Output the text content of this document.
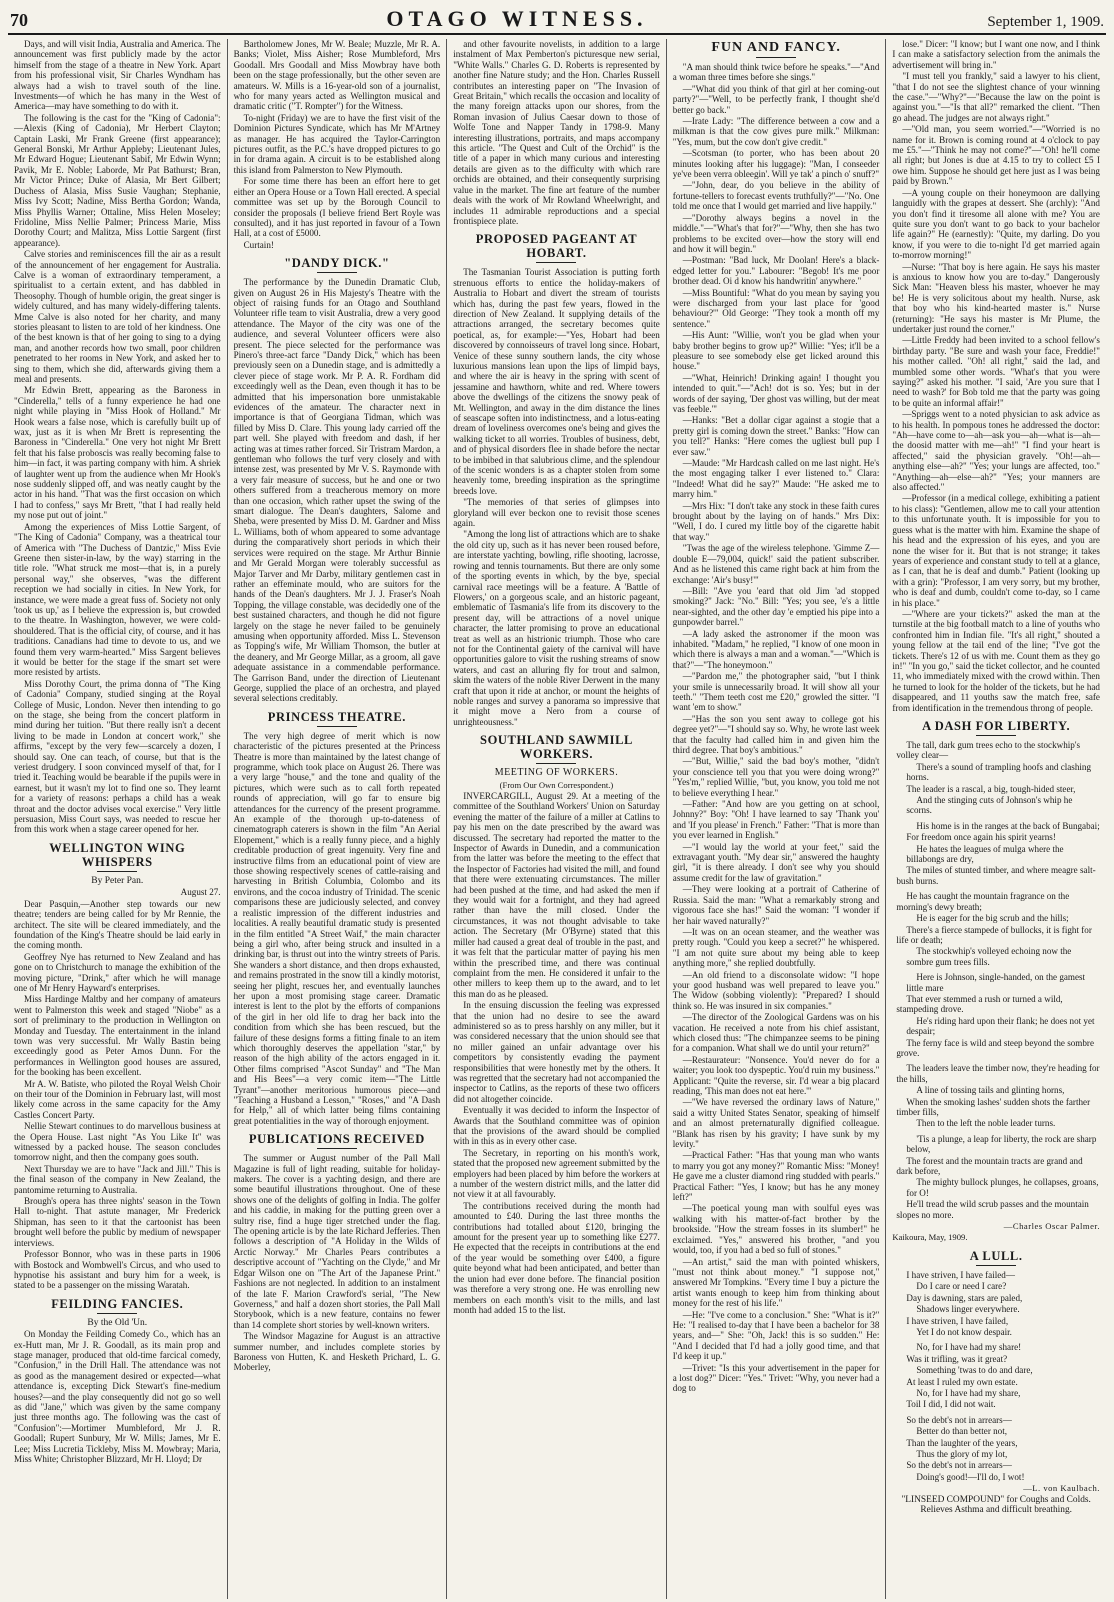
70	OTAGO WITNESS.	September 1, 1909.

Days, and will visit India, Australia and America. The announcement was first publicly made by the actor himself from the stage of a theatre in New York. Apart from his professional visit, Sir Charles Wyndham has always had a wish to travel south of the line. Investments—of which he has many in the West of America—may have something to do with it.

The following is the cast for the "King of Cadonia":—Alexis (King of Cadonia), Mr Herbert Clayton; Captain Laski, Mr Frank Greene (first appearance); General Bonski, Mr Arthur Appleby; Lieutenant Jules, Mr Edward Hogue; Lieutenant Sabif, Mr Edwin Wynn; Pavik, Mr E. Noble; Laborde, Mr Pat Bathurst; Bran, Mr Victor Prince; Duke of Alasia, Mr Bert Gilbert; Duchess of Alasia, Miss Susie Vaughan; Stephanie, Miss Ivy Scott; Nadine, Miss Bertha Gordon; Wanda, Miss Phyllis Warner; Ottaline, Miss Helen Moseley; Fridoline, Miss Nellie Palmer; Princess Marie, Miss Dorothy Court; and Malitza, Miss Lottie Sargent (first appearance).

Calve stories and reminiscences fill the air as a result of the announcement of her engagement for Australia. Calve is a woman of extraordinary temperament, a spiritualist to a certain extent, and has dabbled in Theosophy. Though of humble origin, the great singer is widely cultured, and has many widely-differing talents. Mme Calve is also noted for her charity, and many stories pleasant to listen to are told of her kindness. One of the best known is that of her going to sing to a dying man, and another records how two small, poor children penetrated to her rooms in New York, and asked her to sing to them, which she did, afterwards giving them a meal and presents.

Mr Edwin Brett, appearing as the Baroness in "Cinderella," tells of a funny experience he had one night while playing in "Miss Hook of Holland." Mr Hook wears a false nose, which is carefully built up of wax, just as it is when Mr Brett is representing the Baroness in "Cinderella." One very hot night Mr Brett felt that his false proboscis was really becoming false to him—in fact, it was parting company with him. A shriek of laughter went up from the audience when Mr Hook's nose suddenly slipped off, and was neatly caught by the actor in his hand. "That was the first occasion on which I had to confess," says Mr Brett, "that I had really held my nose put out of joint."

Among the experiences of Miss Lottie Sargent, of "The King of Cadonia" Company, was a theatrical tour of America with "The Duchess of Dantzic," Miss Evie Greene then sister-in-law, by the way) starring in the title role. "What struck me most—that is, in a purely personal way," she observes, "was the different reception we had socially in cities. In New York, for instance, we were made a great fuss of. Society not only 'took us up,' as I believe the expression is, but crowded to the theatre. In Washington, however, we were cold-shouldered. That is the official city, of course, and it has traditions. Canadians had time to devote to us, and we found them very warm-hearted." Miss Sargent believes it would be better for the stage if the smart set were more resisted by artists.

Miss Dorothy Court, the prima donna of "The King of Cadonia" Company, studied singing at the Royal College of Music, London. Never then intending to go on the stage, she being from the concert platform in mind during her tuition. "But there really isn't a decent living to be made in London at concert work," she affirms, "except by the very few—scarcely a dozen, I should say. One can teach, of course, but that is the veriest drudgery. I soon convinced myself of that, for I tried it. Teaching would be bearable if the pupils were in earnest, but it wasn't my lot to find one so. They learnt for a variety of reasons: perhaps a child has a weak throat and the doctor advises vocal exercise." Very little persuasion, Miss Court says, was needed to rescue her from this work when a stage career opened for her.

WELLINGTON WING WHISPERS

By Peter Pan.

August 27.

Dear Pasquin,—Another step towards our new theatre; tenders are being called for by Mr Rennie, the architect. The site will be cleared immediately, and the foundation of the King's Theatre should be laid early in the coming month.

Geoffrey Nye has returned to New Zealand and has gone on to Christchurch to manage the exhibition of the moving picture, "Drink," after which he will manage one of Mr Henry Hayward's enterprises.

Miss Hardinge Maltby and her company of amateurs went to Palmerston this week and staged "Niobe" as a sort of preliminary to the production in Wellington on Monday and Tuesday. The entertainment in the inland town was very successful. Mr Wally Bastin being exceedingly good as Peter Amos Dunn. For the performances in Wellington good houses are assured, for the booking has been excellent.

Mr A. W. Batiste, who piloted the Royal Welsh Choir on their tour of the Dominion in February last, will most likely come across in the same capacity for the Amy Castles Concert Party.

Nellie Stewart continues to do marvellous business at the Opera House. Last night "As You Like It" was witnessed by a packed house. The season concludes tomorrow night, and then the company goes south.

Next Thursday we are to have "Jack and Jill." This is the final season of the company in New Zealand, the pantomime returning to Australia.

Brough's opera has three nights' season in the Town Hall to-night. That astute manager, Mr Frederick Shipman, has seen to it that the cartoonist has been brought well before the public by medium of newspaper interviews.

Professor Bonnor, who was in these parts in 1906 with Bostock and Wombwell's Circus, and who used to hypnotise his assistant and bury him for a week, is stated to be a passenger on the missing Waratah.

FEILDING FANCIES.

By the Old 'Un.

On Monday the Feilding Comedy Co., which has an ex-Hutt man, Mr J. R. Goodall, as its main prop and stage manager, produced that old-time farcical comedy, "Confusion," in the Drill Hall. The attendance was not as good as the management desired or expected—what attendance is, excepting Dick Stewart's fine-medium houses?—and the play consequently did not go so well as did "Jane," which was given by the same company just three months ago. The following was the cast of "Confusion":—Mortimer Mumbleford, Mr J. R. Goodall; Rupert Sunbury, Mr W. Mills; James, Mr E. Lee; Miss Lucretia Tickleby, Miss M. Mowbray; Maria, Miss White; Christopher Blizzard, Mr H. Lloyd; Dr

Bartholomew Jones, Mr W. Beale; Muzzle, Mr R. A. Banks; Violet, Miss Aisher; Rose Mumbleford, Mrs Goodall. Mrs Goodall and Miss Mowbray have both been on the stage professionally, but the other seven are amateurs. W. Mills is a 16-year-old son of a journalist, who for many years acted as Wellington musical and dramatic critic ("T. Rompter") for the Witness.

To-night (Friday) we are to have the first visit of the Dominion Pictures Syndicate, which has Mr M'Artney as manager. He has acquired the Taylor-Carrington pictures outfit, as the P.C.'s have dropped pictures to go in for drama again. A circuit is to be established along this island from Palmerston to New Plymouth.

For some time there has been an effort here to get either an Opera House or a Town Hall erected. A special committee was set up by the Borough Council to consider the proposals (I believe friend Bert Royle was consulted), and it has just reported in favour of a Town Hall, at a cost of £5000.

Curtain!

"DANDY DICK."

The performance by the Dunedin Dramatic Club, given on August 26 in His Majesty's Theatre with the object of raising funds for an Otago and Southland Volunteer rifle team to visit Australia, drew a very good attendance. The Mayor of the city was one of the audience, and several Volunteer officers were also present. The piece selected for the performance was Pinero's three-act farce "Dandy Dick," which has been previously seen on a Dunedin stage, and is admittedly a clever piece of stage work. Mr P. A. R. Fordham did exceedingly well as the Dean, even though it has to be admitted that his impersonation bore unmistakable evidences of the amateur. The character next in importance is that of Georgiana Tidman, which was filled by Miss D. Clare. This young lady carried off the part well. She played with freedom and dash, if her acting was at times rather forced. Sir Tristram Mardon, a gentleman who follows the turf very closely and with intense zest, was presented by Mr V. S. Raymonde with a very fair measure of success, but he and one or two others suffered from a treacherous memory on more than one occasion, which rather upset the swing of the smart dialogue. The Dean's daughters, Salome and Sheba, were presented by Miss D. M. Gardner and Miss L. Williams, both of whom appeared to some advantage during the comparatively short periods in which their services were required on the stage. Mr Arthur Binnie and Mr Gerald Morgan were tolerably successful as Major Tarver and Mr Darby, military gentlemen cast in rather an effeminate mould, who are suitors for the hands of the Dean's daughters. Mr J. J. Fraser's Noah Topping, the village constable, was decidedly one of the best sustained characters, and though he did not figure largely on the stage he never failed to be genuinely amusing when opportunity afforded. Miss L. Stevenson as Topping's wife, Mr William Thomson, the butler at the deanery, and Mr George Millar, as a groom, all gave adequate assistance in a commendable performance. The Garrison Band, under the direction of Lieutenant George, supplied the place of an orchestra, and played several selections creditably.

PRINCESS THEATRE.

The very high degree of merit which is now characteristic of the pictures presented at the Princess Theatre is more than maintained by the latest change of programme, which took place on August 26. There was a very large "house," and the tone and quality of the pictures, which were such as to call forth repeated rounds of appreciation, will go far to ensure big attendances for the currency of the present programme. An example of the thorough up-to-dateness of cinematograph caterers is shown in the film "An Aerial Elopement," which is a really funny piece, and a highly creditable production of great ingenuity. Very fine and instructive films from an educational point of view are those showing respectively scenes of cattle-raising and harvesting in British Columbia, Colombo and its environs, and the cocoa industry of Trinidad. The scenic comparisons these are judiciously selected, and convey a realistic impression of the different industries and localities. A really beautiful dramatic study is presented in the film entitled "A Street Waif," the main character being a girl who, after being struck and insulted in a drinking bar, is thrust out into the wintry streets of Paris. She wanders a short distance, and then drops exhausted, and remains prostrated in the snow till a kindly motorist, seeing her plight, rescues her, and eventually launches her upon a most promising stage career. Dramatic interest is lent to the plot by the efforts of companions of the girl in her old life to drag her back into the condition from which she has been rescued, but the failure of these designs forms a fitting finale to an item which thoroughly deserves the appellation "star," by reason of the high ability of the actors engaged in it. Other films comprised "Ascot Sunday" and "The Man and His Bees"—a very comic item—"The Little Tyrant"—another meritorious humorous piece—and "Teaching a Husband a Lesson," "Roses," and "A Dash for Help," all of which latter being films containing great potentialities in the way of thorough enjoyment.

PUBLICATIONS RECEIVED

The summer or August number of the Pall Mall Magazine is full of light reading, suitable for holiday-makers. The cover is a yachting design, and there are some beautiful illustrations throughout. One of these shows one of the delights of golfing in India. The golfer and his caddie, in making for the putting green over a sultry rise, find a huge tiger stretched under the flag. The opening article is by the late Richard Jefferies. Then follows a description of "A Holiday in the Wilds of Arctic Norway." Mr Charles Pears contributes a descriptive account of "Yachting on the Clyde," and Mr Edgar Wilson one on "The Art of the Japanese Print." Fashions are not neglected. In addition to an instalment of the late F. Marion Crawford's serial, "The New Governess," and half a dozen short stories, the Pall Mall Storybook, which is a new feature, contains no fewer than 14 complete short stories by well-known writers.

The Windsor Magazine for August is an attractive summer number, and includes complete stories by Baroness von Hutten, K. and Hesketh Prichard, L. G. Moberley,

and other favourite novelists, in addition to a large instalment of Max Pemberton's picturesque new serial, "White Walls." Charles G. D. Roberts is represented by another fine Nature study; and the Hon. Charles Russell contributes an interesting paper on "The Invasion of Great Britain," which recalls the occasion and locality of the many foreign attacks upon our shores, from the Roman invasion of Julius Caesar down to those of Wolfe Tone and Napper Tandy in 1798-9. Many interesting illustrations, portraits, and maps accompany this article. "The Quest and Cult of the Orchid" is the title of a paper in which many curious and interesting details are given as to the difficulty with which rare orchids are obtained, and their consequently surprising value in the market. The fine art feature of the number deals with the work of Mr Rowland Wheelwright, and includes 11 admirable reproductions and a special frontispiece plate.

PROPOSED PAGEANT AT HOBART.

The Tasmanian Tourist Association is putting forth strenuous efforts to entice the holiday-makers of Australia to Hobart and divert the stream of tourists which has, during the past few years, flowed in the direction of New Zealand. It supplying details of the attractions arranged, the secretary becomes quite poetical, as, for example:—"Yes, Hobart had been discovered by connoisseurs of travel long since. Hobart, Venice of these sunny southern lands, the city whose luxurious mansions lean upon the lips of limpid bays, and where the air is heavy in the spring with scent of jessamine and hawthorn, white and red. Where towers above the dwellings of the citizens the snowy peak of Mt. Wellington, and away in the dim distance the lines of seascape soften into indistinctness, and a lotus-eating dream of loveliness overcomes one's being and gives the walking ticket to all worries. Troubles of business, debt, and of physical disorders flee in shade before the nectar to be imbibed in that salubrious clime, and the splendour of the scenic wonders is as a chapter stolen from some heavenly tome, breeding inspiration as the springtime breeds love.

"The memories of that series of glimpses into gloryland will ever beckon one to revisit those scenes again.

"Among the long list of attractions which are to shake the old city up, such as it has never been roused before, are interstate yachting, bowling, rifle shooting, lacrosse, rowing and tennis tournaments. But there are only some of the sporting events in which, by the bye, special carnival race meetings will be a feature. A 'Battle of Flowers,' on a gorgeous scale, and an historic pageant, emblematic of Tasmania's life from its discovery to the present day, will be attractions of a novel unique character, the latter promising to prove an educational treat as well as an histrionic triumph. Those who care not for the Continental gaiety of the carnival will have opportunities galore to visit the rushing streams of snow waters, and cast an alluring fly for trout and salmon, skim the waters of the noble River Derwent in the many craft that upon it ride at anchor, or mount the heights of noble ranges and survey a panorama so impressive that it might move a Nero from a course of unrighteousness."

SOUTHLAND SAWMILL WORKERS.

MEETING OF WORKERS.

(From Our Own Correspondent.)

INVERCARGILL, August 29. At a meeting of the committee of the Southland Workers' Union on Saturday evening the matter of the failure of a miller at Catlins to pay his men on the date prescribed by the award was discussed. The secretary had reported the matter to the Inspector of Awards in Dunedin, and a communication from the latter was before the meeting to the effect that the Inspector of Factories had visited the mill, and found that there were extenuating circumstances. The miller had been pushed at the time, and had asked the men if they would wait for a fortnight, and they had agreed rather than have the mill closed. Under the circumstances, it was not thought advisable to take action. The Secretary (Mr O'Byrne) stated that this miller had caused a great deal of trouble in the past, and it was felt that the particular matter of paying his men within the prescribed time, and there was continual complaint from the men. He considered it unfair to the other millers to keep them up to the award, and to let this man do as he pleased.

In the ensuing discussion the feeling was expressed that the union had no desire to see the award administered so as to press harshly on any miller, but it was considered necessary that the union should see that no miller gained an unfair advantage over his competitors by consistently evading the payment responsibilities that were honestly met by the others. It was regretted that the secretary had not accompanied the inspector to Catlins, as the reports of these two officers did not altogether coincide.

Eventually it was decided to inform the Inspector of Awards that the Southland committee was of opinion that the provisions of the award should be complied with in this as in every other case.

The Secretary, in reporting on his month's work, stated that the proposed new agreement submitted by the employers had been placed by him before the workers at a number of the western district mills, and the latter did not view it at all favourably.

The contributions received during the month had amounted to £40. During the last three months the contributions had totalled about £120, bringing the amount for the present year up to something like £277. He expected that the receipts in contributions at the end of the year would be something over £400, a figure quite beyond what had been anticipated, and better than the union had ever done before. The financial position was therefore a very strong one. He was enrolling new members on each month's visit to the mills, and last month had added 15 to the list.

FUN AND FANCY.

"A man should think twice before he speaks."—"And a woman three times before she sings."

—"What did you think of that girl at her coming-out party?"—"Well, to be perfectly frank, I thought she'd better go back."

—Irate Lady: "The difference between a cow and a milkman is that the cow gives pure milk." Milkman: "Yes, mum, but the cow don't give credit."

—Scotsman (to porter, who has been about 20 minutes looking after his luggage): "Man, I conseeder ye've been verra obleegin'. Will ye tak' a pinch o' snuff?"

—"John, dear, do you believe in the ability of fortune-tellers to forecast events truthfully?"—"No. One told me once that I would get married and live happily."

—"Dorothy always begins a novel in the middle."—"What's that for?"—"Why, then she has two problems to be excited over—how the story will end and how it will begin."

—Postman: "Bad luck, Mr Doolan! Here's a black-edged letter for you." Labourer: "Begob! It's me poor brother dead. Oi d know his handwritin' anywhere."

—Miss Bountiful: "What do you mean by saying you were discharged from your last place for 'good behaviour?'" Old George: "They took a month off my sentence."

—His Aunt: "Willie, won't you be glad when your baby brother begins to grow up?" Willie: "Yes; it'll be a pleasure to see somebody else get licked around this house."

—"What, Heinrich! Drinking again! I thought you intended to quit."—"Ach! dot is so. Yes; but in der words of der saying, 'Der ghost vas willing, but der meat vas feeble.'"

—Hanks: "Bet a dollar cigar against a stogie that a pretty girl is coming down the street." Banks: "How can you tell?" Hanks: "Here comes the ugliest bull pup I ever saw."

—Maude: "Mr Hardcash called on me last night. He's the most engaging talker I ever listened to." Clara: "Indeed! What did he say?" Maude: "He asked me to marry him."

—Mrs Hix: "I don't take any stock in these faith cures brought about by the laying on of hands." Mrs Dix: "Well, I do. I cured my little boy of the cigarette habit that way."

"Twas the age of the wireless telephone. 'Gimme Z—double E—79,004, quick!' said the patient subscriber. And as he listened this came right back at him from the exchange: 'Air's busy!'"

—Bill: "Ave you 'eard that old Jim 'ad stopped smoking?" Jack: "No." Bill: "Yes; you see, 'e's a little near-sighted, and the other day 'e emptied his pipe into a gunpowder barrel."

—A lady asked the astronomer if the moon was inhabited. "Madam," he replied, "I know of one moon in which there is always a man and a woman."—"Which is that?"—"The honeymoon."

—"Pardon me," the photographer said, "but I think your smile is unnecessarily broad. It will show all your teeth." "Them teeth cost me £20," growled the sitter. "I want 'em to show."

—"Has the son you sent away to college got his degree yet?"—"I should say so. Why, he wrote last week that the faculty had called him in and given him the third degree. That boy's ambitious."

—"But, Willie," said the bad boy's mother, "didn't your conscience tell you that you were doing wrong?" "Yes'm," replied Willie, "but, you know, you told me not to believe everything I hear."

—Father: "And how are you getting on at school, Johnny?" Boy: "Oh! I have learned to say 'Thank you' and 'If you please' in French." Father: "That is more than you ever learned in English."

—"I would lay the world at your feet," said the extravagant youth. "My dear sir," answered the haughty girl, "it is there already. I don't see why you should assume credit for the law of gravitation."

—They were looking at a portrait of Catherine of Russia. Said the man: "What a remarkably strong and vigorous face she has!" Said the woman: "I wonder if her hair waved naturally?"

—It was on an ocean steamer, and the weather was pretty rough. "Could you keep a secret?" he whispered. "I am not quite sure about my being able to keep anything more," she replied doubtfully.

—An old friend to a disconsolate widow: "I hope your good husband was well prepared to leave you." The Widow (sobbing violently): "Prepared? I should think so. He was insured in six companies."

—The director of the Zoological Gardens was on his vacation. He received a note from his chief assistant, which closed thus: "The chimpanzee seems to be pining for a companion. What shall we do until your return?"

—Restaurateur: "Nonsence. You'd never do for a waiter; you look too dyspeptic. You'd ruin my business." Applicant: "Quite the reverse, sir. I'd wear a big placard reading, 'This man does not eat here.'"

—"We have reversed the ordinary laws of Nature," said a witty United States Senator, speaking of himself and an almost preternaturally dignified colleague. "Blank has risen by his gravity; I have sunk by my levity."

—Practical Father: "Has that young man who wants to marry you got any money?" Romantic Miss: "Money! He gave me a cluster diamond ring studded with pearls." Practical Father: "Yes, I know; but has he any money left?"

—The poetical young man with soulful eyes was walking with his matter-of-fact brother by the brookside. "How the stream fosses in its slumber!" he exclaimed. "Yes," answered his brother, "and you would, too, if you had a bed so full of stones."

—An artist," said the man with pointed whiskers, "must not think about money." "I suppose not," answered Mr Tompkins. "Every time I buy a picture the artist wants enough to keep him from thinking about money for the rest of his life."

—He: "I've come to a conclusion." She: "What is it?" He: "I realised to-day that I have been a bachelor for 38 years, and—" She: "Oh, Jack! this is so sudden." He: "And I decided that I'd had a jolly good time, and that I'd keep it up."

—Trivet: "Is this your advertisement in the paper for a lost dog?" Dicer: "Yes." Trivet: "Why, you never had a dog to

lose." Dicer: "I know; but I want one now, and I think I can make a satisfactory selection from the animals the advertisement will bring in."

"I must tell you frankly," said a lawyer to his client, "that I do not see the slightest chance of your winning the case."—"Why?"—"Because the law on the point is against you."—"Is that all?" remarked the client. "Then go ahead. The judges are not always right."

—"Old man, you seem worried."—"Worried is no name for it. Brown is coming round at 4 o'clock to pay me £5."—"Think he may not come?"—"Oh! he'll come all right; but Jones is due at 4.15 to try to collect £5 I owe him. Suppose he should get here just as I was being paid by Brown."

—A young couple on their honeymoon are dallying languidly with the grapes at dessert. She (archly): "And you don't find it tiresome all alone with me? You are quite sure you don't want to go back to your bachelor life again?" He (earnestly): "Quite, my darling. Do you know, if you were to die to-night I'd get married again to-morrow morning!"

—Nurse: "That boy is here again. He says his master is anxious to know how you are to-day." Dangerously Sick Man: "Heaven bless his master, whoever he may be! He is very solicitous about my health. Nurse, ask that boy who his kind-hearted master is." Nurse (returning): "He says his master is Mr Plume, the undertaker just round the corner."

—Little Freddy had been invited to a school fellow's birthday party. "Be sure and wash your face, Freddie!" his mother called. "Oh! all right," said the lad, and mumbled some other words. "What's that you were saying?" asked his mother. "I said, 'Are you sure that I need to wash?' for Bob told me that the party was going to be quite an informal affair!"

—Spriggs went to a noted physician to ask advice as to his health. In pompous tones he addressed the doctor: "Ah—have come to—ah—ask you—ah—what is—ah—the doosid matter with me—ah!" "I find your heart is affected," said the physician gravely. "Oh!—ah—anything else—ah?" "Yes; your lungs are affected, too." "Anything—ah—else—ah?" "Yes; your manners are also affected."

—Professor (in a medical college, exhibiting a patient to his class): "Gentlemen, allow me to call your attention to this unfortunate youth. It is impossible for you to guess what is the matter with him. Examine the shape of his head and the expression of his eyes, and you are none the wiser for it. But that is not strange; it takes years of experience and constant study to tell at a glance, as I can, that he is deaf and dumb." Patient (looking up with a grin): "Professor, I am very sorry, but my brother, who is deaf and dumb, couldn't come to-day, so I came in his place."

—"Where are your tickets?" asked the man at the turnstile at the big football match to a line of youths who confronted him in Indian file. "It's all right," shouted a young fellow at the tail end of the line; "I've got the tickets. There's 12 of us with me. Count them as they go in!" "In you go," said the ticket collector, and he counted 11, who immediately mixed with the crowd within. Then he turned to look for the holder of the tickets, but he had disappeared, and 11 youths saw the match free, safe from identification in the tremendous throng of people.

A DASH FOR LIBERTY.

The tall, dark gum trees echo to the stockwhip's volley clear—

There's a sound of trampling hoofs and clashing horns.

The leader is a rascal, a big, tough-hided steer,

And the stinging cuts of Johnson's whip he scorns.

His home is in the ranges at the back of Bungabai;

For freedom once again his spirit yearns!

He hates the leagues of mulga where the billabongs are dry,

The miles of stunted timber, and where meagre salt-bush burns.

He has caught the mountain fragrance on the morning's dewy breath;

He is eager for the big scrub and the hills;

There's a fierce stampede of bullocks, it is fight for life or death;

The stockwhip's volleyed echoing now the sombre gum trees fills.

Here is Johnson, single-handed, on the gamest little mare

That ever stemmed a rush or turned a wild, stampeding drove.

He's riding hard upon their flank; he does not yet despair;

The ferny face is wild and steep beyond the sombre grove.

The leaders leave the timber now, they're heading for the hills,

A line of tossing tails and glinting horns,

When the smoking lashes' sudden shots the farther timber fills,

Then to the left the noble leader turns.

'Tis a plunge, a leap for liberty, the rock are sharp below,

The forest and the mountain tracts are grand and dark before,

The mighty bullock plunges, he collapses, groans, for O!

He'll tread the wild scrub passes and the mountain slopes no more.

—Charles Oscar Palmer.

Kaikoura, May, 1909.

A LULL.

I have striven, I have failed—

Do I care or need I care?

Day is dawning, stars are paled,

Shadows linger everywhere.

I have striven, I have failed,

Yet I do not know despair.

No, for I have had my share!

Was it trifling, was it great?

Something 'twas to do and dare,

At least I ruled my own estate.

No, for I have had my share,

Toil I did, I did not wait.

So the debt's not in arrears—

Better do than better not,

Than the laughter of the years,

Thus the glory of my lot,

So the debt's not in arrears—

Doing's good!—I'll do, I wot!

—L. von Kaulbach.

"LINSEED COMPOUND" for Coughs and Colds. Relieves Asthma and difficult breathing.
